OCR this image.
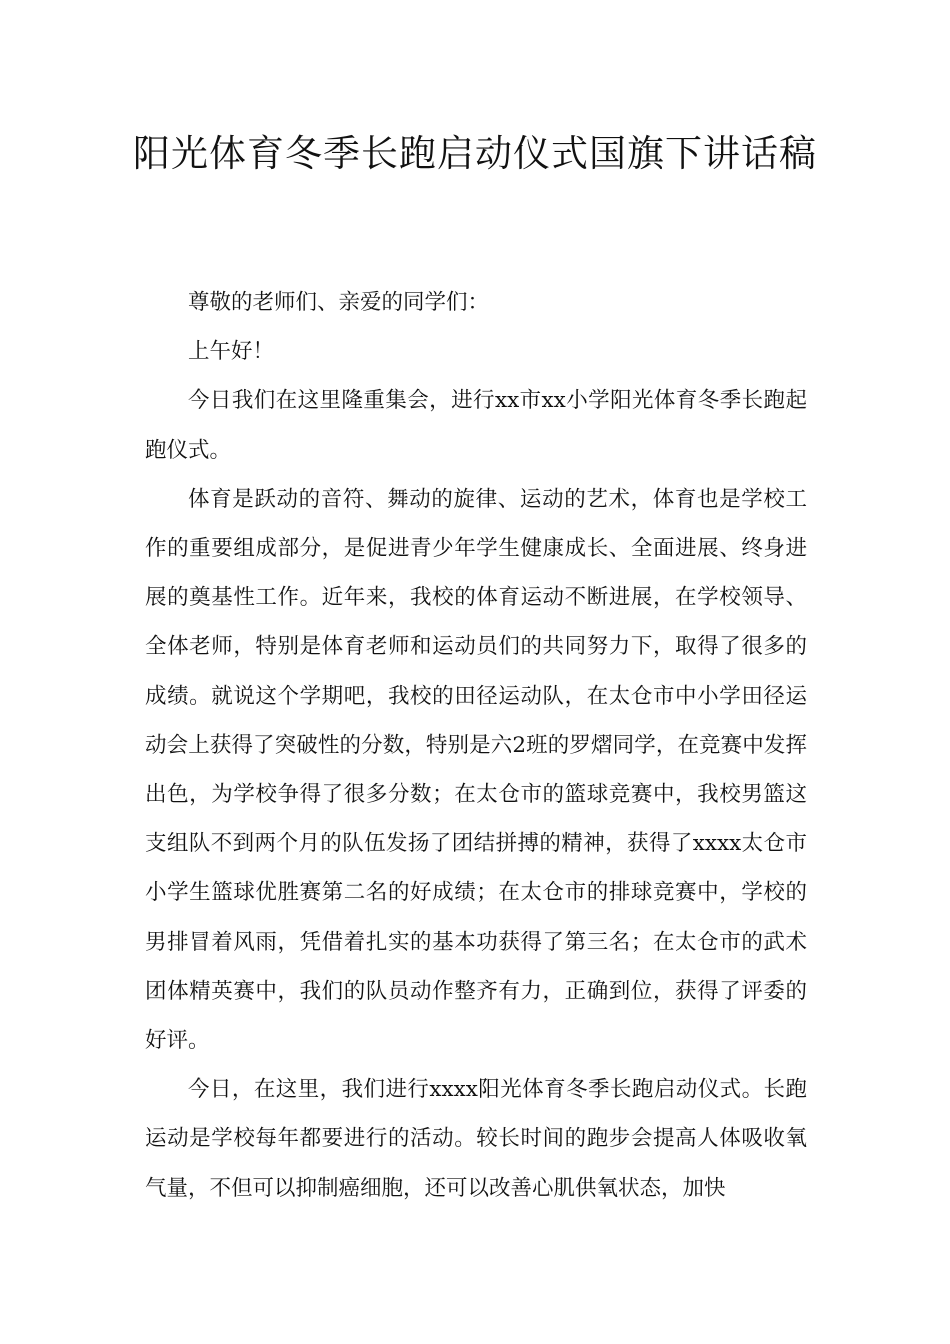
阳光体育冬季长跑启动仪式国旗下讲话稿

尊敬的老师们、亲爱的同学们：

上午好！

今日我们在这里隆重集会，进行xx市xx小学阳光体育冬季长跑起跑仪式。

体育是跃动的音符、舞动的旋律、运动的艺术，体育也是学校工作的重要组成部分，是促进青少年学生健康成长、全面进展、终身进展的奠基性工作。近年来，我校的体育运动不断进展，在学校领导、全体老师，特别是体育老师和运动员们的共同努力下，取得了很多的成绩。就说这个学期吧，我校的田径运动队，在太仓市中小学田径运动会上获得了突破性的分数，特别是六2班的罗熠同学，在竞赛中发挥出色，为学校争得了很多分数；在太仓市的篮球竞赛中，我校男篮这支组队不到两个月的队伍发扬了团结拼搏的精神，获得了xxxx太仓市小学生篮球优胜赛第二名的好成绩；在太仓市的排球竞赛中，学校的男排冒着风雨，凭借着扎实的基本功获得了第三名；在太仓市的武术团体精英赛中，我们的队员动作整齐有力，正确到位，获得了评委的好评。

今日，在这里，我们进行xxxx阳光体育冬季长跑启动仪式。长跑运动是学校每年都要进行的活动。较长时间的跑步会提高人体吸收氧气量，不但可以抑制癌细胞，还可以改善心肌供氧状态，加快
